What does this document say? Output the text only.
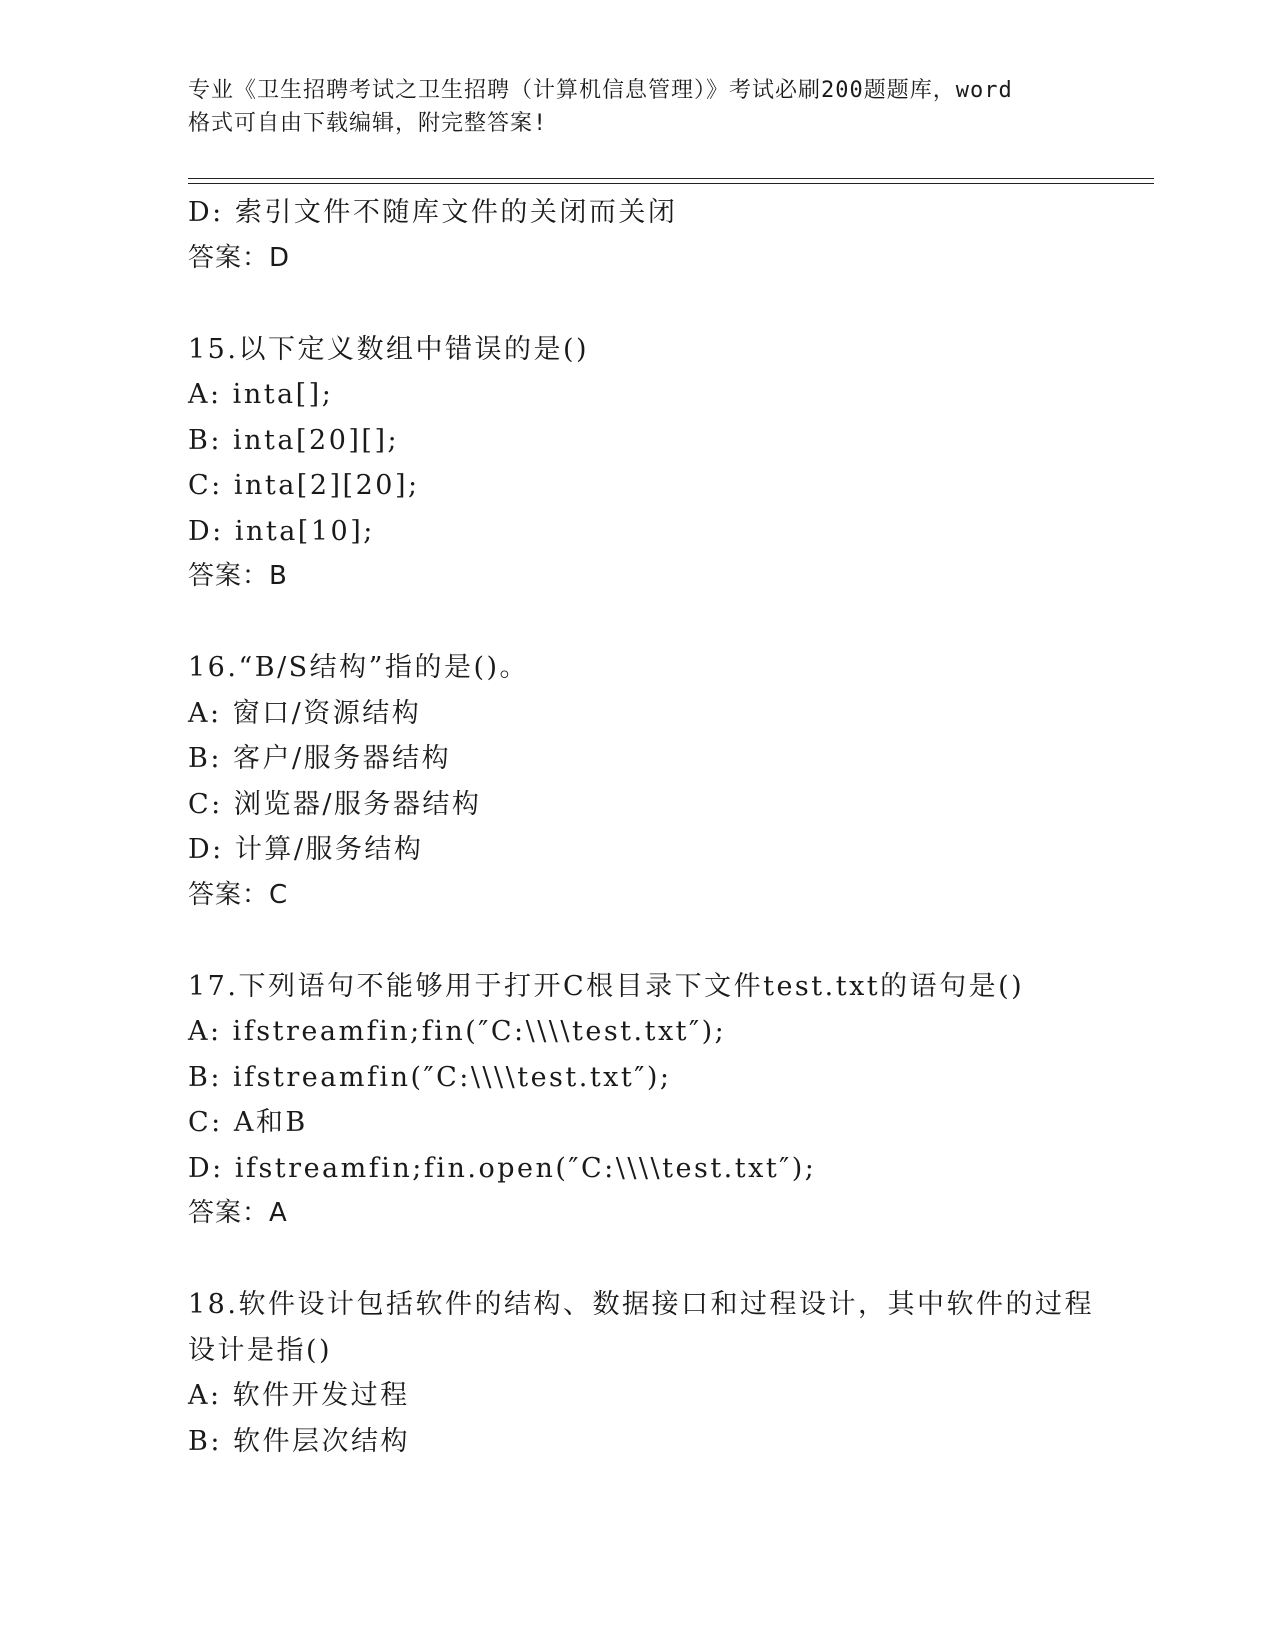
专业《卫生招聘考试之卫生招聘（计算机信息管理）》考试必刷200题题库，word
格式可自由下载编辑，附完整答案!
D: 索引文件不随库文件的关闭而关闭
答案：D
15.以下定义数组中错误的是()
A: inta[];
B: inta[20][];
C: inta[2][20];
D: inta[10];
答案：B
16.“B/S结构”指的是()。
A: 窗口/资源结构
B: 客户/服务器结构
C: 浏览器/服务器结构
D: 计算/服务结构
答案：C
17.下列语句不能够用于打开C根目录下文件test.txt的语句是()
A: ifstreamfin;fin(″C:\\\\test.txt″);
B: ifstreamfin(″C:\\\\test.txt″);
C: A和B
D: ifstreamfin;fin.open(″C:\\\\test.txt″);
答案：A
18.软件设计包括软件的结构、数据接口和过程设计，其中软件的过程
设计是指()
A: 软件开发过程
B: 软件层次结构
